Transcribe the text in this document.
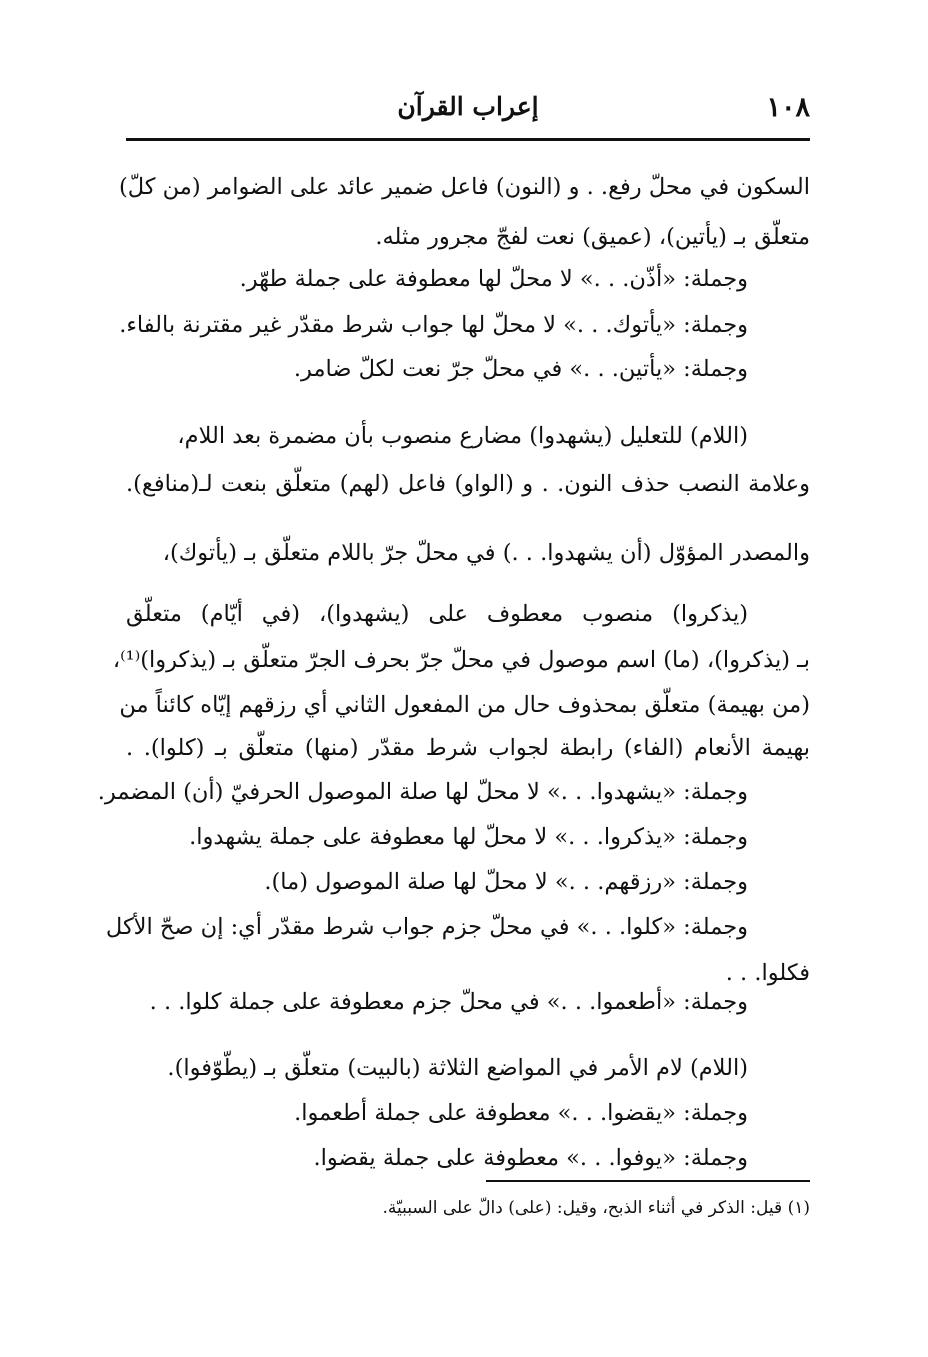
١٠٨
إعراب القرآن
السكون في محلّ رفع. . و (النون) فاعل ضمير عائد على الضوامر (من كلّ)
متعلّق بـ (يأتين)، (عميق) نعت لفجّ مجرور مثله.
وجملة: «أذّن. . .» لا محلّ لها معطوفة على جملة طهّر.
وجملة: «يأتوك. . .» لا محلّ لها جواب شرط مقدّر غير مقترنة بالفاء.
وجملة: «يأتين. . .» في محلّ جرّ نعت لكلّ ضامر.
(اللام) للتعليل (يشهدوا) مضارع منصوب بأن مضمرة بعد اللام،
وعلامة النصب حذف النون. . و (الواو) فاعل (لهم) متعلّق بنعت لـ(منافع).
والمصدر المؤوّل (أن يشهدوا. . .) في محلّ جرّ باللام متعلّق بـ (يأتوك)،
(يذكروا) منصوب معطوف على (يشهدوا)، (في أيّام) متعلّق
بـ (يذكروا)، (ما) اسم موصول في محلّ جرّ بحرف الجرّ متعلّق بـ (يذكروا)⁽¹⁾،
(من بهيمة) متعلّق بمحذوف حال من المفعول الثاني أي رزقهم إيّاه كائناً من
بهيمة الأنعام (الفاء) رابطة لجواب شرط مقدّر (منها) متعلّق بـ (كلوا). .
وجملة: «يشهدوا. . .» لا محلّ لها صلة الموصول الحرفيّ (أن) المضمر.
وجملة: «يذكروا. . .» لا محلّ لها معطوفة على جملة يشهدوا.
وجملة: «رزقهم. . .» لا محلّ لها صلة الموصول (ما).
وجملة: «كلوا. . .» في محلّ جزم جواب شرط مقدّر أي: إن صحّ الأكل
فكلوا. . .
وجملة: «أطعموا. . .» في محلّ جزم معطوفة على جملة كلوا. . .
(اللام) لام الأمر في المواضع الثلاثة (بالبيت) متعلّق بـ (يطّوّفوا).
وجملة: «يقضوا. . .» معطوفة على جملة أطعموا.
وجملة: «يوفوا. . .» معطوفة على جملة يقضوا.
(١) قيل: الذكر في أثناء الذبح، وقيل: (على) دالّ على السببيّة.
